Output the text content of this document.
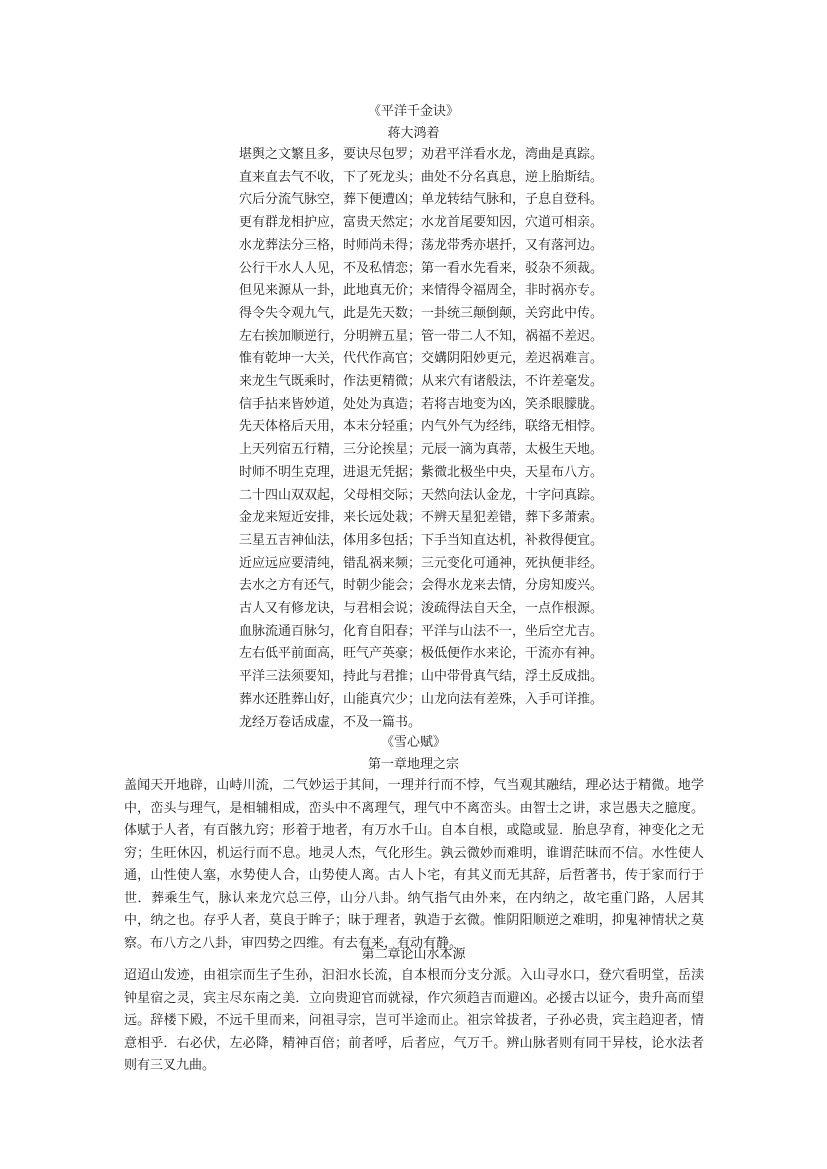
《平洋千金诀》
蒋大鸿着
堪舆之文繁且多，要诀尽包罗；劝君平洋看水龙，湾曲是真踪。
直来直去气不收，下了死龙头；曲处不分名真息，逆上胎斯结。
穴后分流气脉空，葬下便遭凶；单龙转结气脉和，子息自登科。
更有群龙相护应，富贵天然定；水龙首尾要知因，穴道可相亲。
水龙葬法分三格，时师尚未得；荡龙带秀亦堪扦，又有落河边。
公行干水人人见，不及私情恋；第一看水先看来，驳杂不须裁。
但见来源从一卦，此地真无价；来情得令福周全，非时祸亦专。
得令失令观九气，此是先天数；一卦统三颠倒颠，关窍此中传。
左右挨加顺逆行，分明辨五星；管一带二人不知，祸福不差迟。
惟有乾坤一大关，代代作高官；交媾阴阳妙更元，差迟祸难言。
来龙生气既乘时，作法更精微；从来穴有诸般法，不许差毫发。
信手拈来皆妙道，处处为真造；若将吉地变为凶，笑杀眼朦胧。
先天体格后天用，本末分轻重；内气外气为经纬，联络无相悖。
上天列宿五行精，三分论挨星；元辰一滴为真蒂，太极生天地。
时师不明生克理，进退无凭据；紫微北极坐中央，天星布八方。
二十四山双双起，父母相交际；天然向法认金龙，十字问真踪。
金龙来短近安排，来长远处栽；不辨天星犯差错，葬下多萧索。
三星五吉神仙法，体用多包括；下手当知直达机，补救得便宜。
近应远应要清纯，错乱祸来频；三元变化可通神，死执便非经。
去水之方有还气，时朝少能会；会得水龙来去情，分房知废兴。
古人又有修龙诀，与君相会说；浚疏得法自天全，一点作根源。
血脉流通百脉匀，化育自阳春；平洋与山法不一，坐后空尤吉。
左右低平前面高，旺气产英豪；极低便作水来论，干流亦有神。
平洋三法须要知，持此与君推；山中带骨真气结，浮土反成拙。
葬水还胜葬山好，山能真穴少；山龙向法有差殊，入手可详推。
龙经万卷话成虚，不及一篇书。
《雪心赋》
第一章地理之宗
盖闻天开地辟，山峙川流，二气妙运于其间，一理并行而不悖，气当观其融结，理必达于精微。地学中，峦头与理气，是相辅相成，峦头中不离理气，理气中不离峦头。由智士之讲，求岂愚夫之臆度。体赋于人者，有百骸九窍；形着于地者，有万水千山。自本自根，或隐或显．胎息孕育，神变化之无穷；生旺休囚，机运行而不息。地灵人杰，气化形生。孰云微妙而难明，谁谓茫昧而不信。水性使人通，山性使人塞，水势使人合，山势使人离。古人卜宅，有其义而无其辞，后哲著书，传于家而行于世．葬乘生气，脉认来龙穴总三停，山分八卦。纳气指气由外来，在内纳之，故宅重门路，人居其中，纳之也。存乎人者，莫良于眸子；昧于理者，孰造于玄微。惟阴阳顺逆之难明，抑鬼神情状之莫察。布八方之八卦，审四势之四维。有去有来，有动有静。
第二章论山水本源
迢迢山发迹，由祖宗而生子生孙，汩汩水长流，自本根而分支分派。入山寻水口，登穴看明堂，岳渎钟星宿之灵，宾主尽东南之美．立向贵迎官而就禄，作穴须趋吉而避凶。必援古以证今，贵升高而望远。辞楼下殿，不远千里而来，问祖寻宗，岂可半途而止。祖宗耸拔者，子孙必贵，宾主趋迎者，情意相乎．右必伏，左必降，精神百倍；前者呼，后者应，气万千。辨山脉者则有同干异枝，论水法者则有三叉九曲。
